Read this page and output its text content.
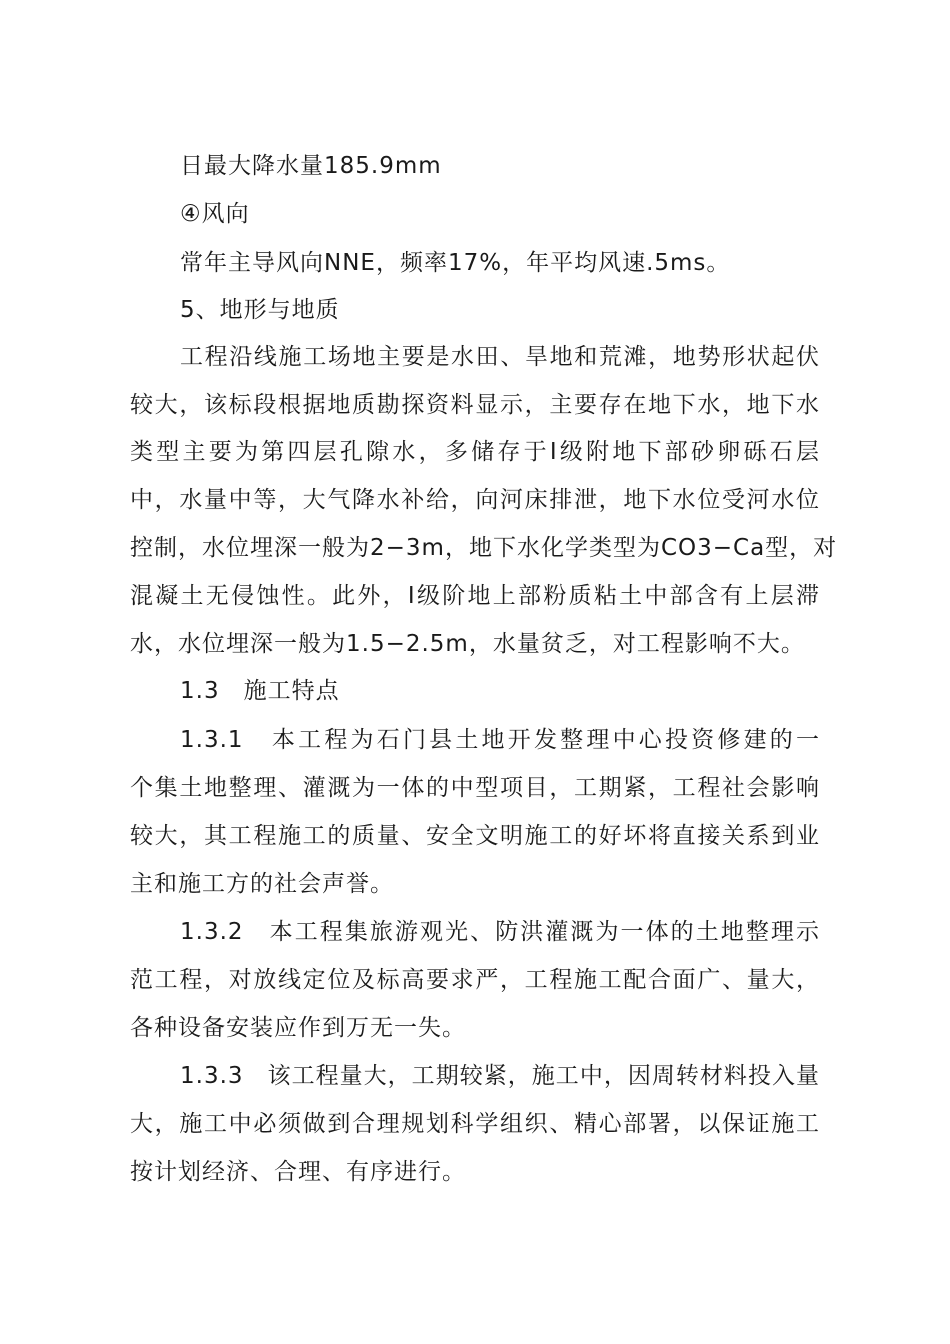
日最大降水量185.9mm
④风向
常年主导风向NNE，频率17%，年平均风速.5ms。
5、地形与地质
工程沿线施工场地主要是水田、旱地和荒滩，地势形状起伏
较大，该标段根据地质勘探资料显示，主要存在地下水，地下水
类型主要为第四层孔隙水，多储存于Ⅰ级附地下部砂卵砾石层
中，水量中等，大气降水补给，向河床排泄，地下水位受河水位
控制，水位埋深一般为2−3m，地下水化学类型为CO3−Ca型，对
混凝土无侵蚀性。此外，Ⅰ级阶地上部粉质粘土中部含有上层滞
水，水位埋深一般为1.5−2.5m，水量贫乏，对工程影响不大。
1.3　施工特点
1.3.1　本工程为石门县土地开发整理中心投资修建的一
个集土地整理、灌溉为一体的中型项目，工期紧，工程社会影响
较大，其工程施工的质量、安全文明施工的好坏将直接关系到业
主和施工方的社会声誉。
1.3.2　本工程集旅游观光、防洪灌溉为一体的土地整理示
范工程，对放线定位及标高要求严，工程施工配合面广、量大，
各种设备安装应作到万无一失。
1.3.3　该工程量大，工期较紧，施工中，因周转材料投入量
大，施工中必须做到合理规划科学组织、精心部署，以保证施工
按计划经济、合理、有序进行。
